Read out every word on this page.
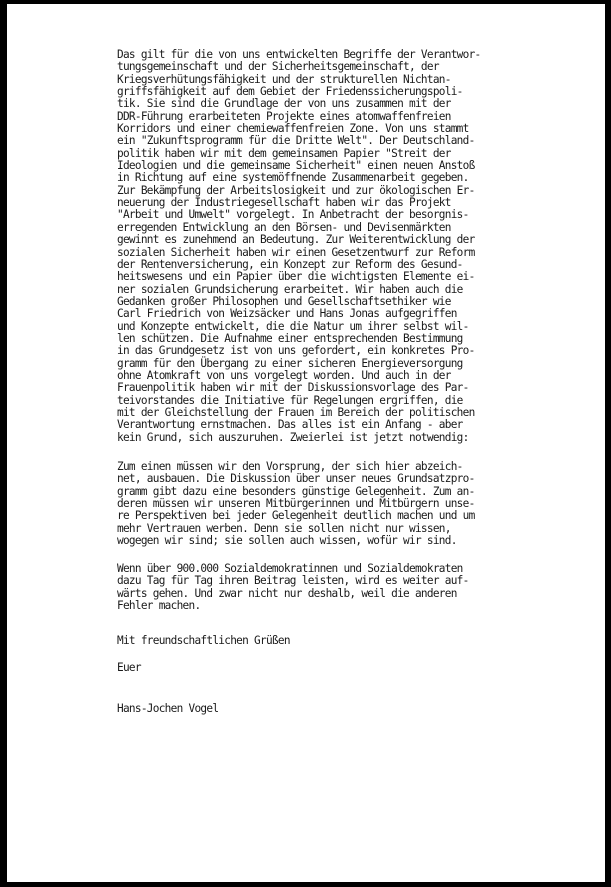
Das gilt für die von uns entwickelten Begriffe der Verantwor-
tungsgemeinschaft und der Sicherheitsgemeinschaft, der
Kriegsverhütungsfähigkeit und der strukturellen Nichtan-
griffsfähigkeit auf dem Gebiet der Friedenssicherungspoli-
tik. Sie sind die Grundlage der von uns zusammen mit der
DDR-Führung erarbeiteten Projekte eines atomwaffenfreien
Korridors und einer chemiewaffenfreien Zone. Von uns stammt
ein "Zukunftsprogramm für die Dritte Welt". Der Deutschland-
politik haben wir mit dem gemeinsamen Papier "Streit der
Ideologien und die gemeinsame Sicherheit" einen neuen Anstoß
in Richtung auf eine systemöffnende Zusammenarbeit gegeben.
Zur Bekämpfung der Arbeitslosigkeit und zur ökologischen Er-
neuerung der Industriegesellschaft haben wir das Projekt
"Arbeit und Umwelt" vorgelegt. In Anbetracht der besorgnis-
erregenden Entwicklung an den Börsen- und Devisenmärkten
gewinnt es zunehmend an Bedeutung. Zur Weiterentwicklung der
sozialen Sicherheit haben wir einen Gesetzentwurf zur Reform
der Rentenversicherung, ein Konzept zur Reform des Gesund-
heitswesens und ein Papier über die wichtigsten Elemente ei-
ner sozialen Grundsicherung erarbeitet. Wir haben auch die
Gedanken großer Philosophen und Gesellschaftsethiker wie
Carl Friedrich von Weizsäcker und Hans Jonas aufgegriffen
und Konzepte entwickelt, die die Natur um ihrer selbst wil-
len schützen. Die Aufnahme einer entsprechenden Bestimmung
in das Grundgesetz ist von uns gefordert, ein konkretes Pro-
gramm für den Übergang zu einer sicheren Energieversorgung
ohne Atomkraft von uns vorgelegt worden. Und auch in der
Frauenpolitik haben wir mit der Diskussionsvorlage des Par-
teivorstandes die Initiative für Regelungen ergriffen, die
mit der Gleichstellung der Frauen im Bereich der politischen
Verantwortung ernstmachen. Das alles ist ein Anfang - aber
kein Grund, sich auszuruhen. Zweierlei ist jetzt notwendig:
Zum einen müssen wir den Vorsprung, der sich hier abzeich-
net, ausbauen. Die Diskussion über unser neues Grundsatzpro-
gramm gibt dazu eine besonders günstige Gelegenheit. Zum an-
deren müssen wir unseren Mitbürgerinnen und Mitbürgern unse-
re Perspektiven bei jeder Gelegenheit deutlich machen und um
mehr Vertrauen werben. Denn sie sollen nicht nur wissen,
wogegen wir sind; sie sollen auch wissen, wofür wir sind.
Wenn über 900.000 Sozialdemokratinnen und Sozialdemokraten
dazu Tag für Tag ihren Beitrag leisten, wird es weiter auf-
wärts gehen. Und zwar nicht nur deshalb, weil die anderen
Fehler machen.
Mit freundschaftlichen Grüßen
Euer
Hans-Jochen Vogel
